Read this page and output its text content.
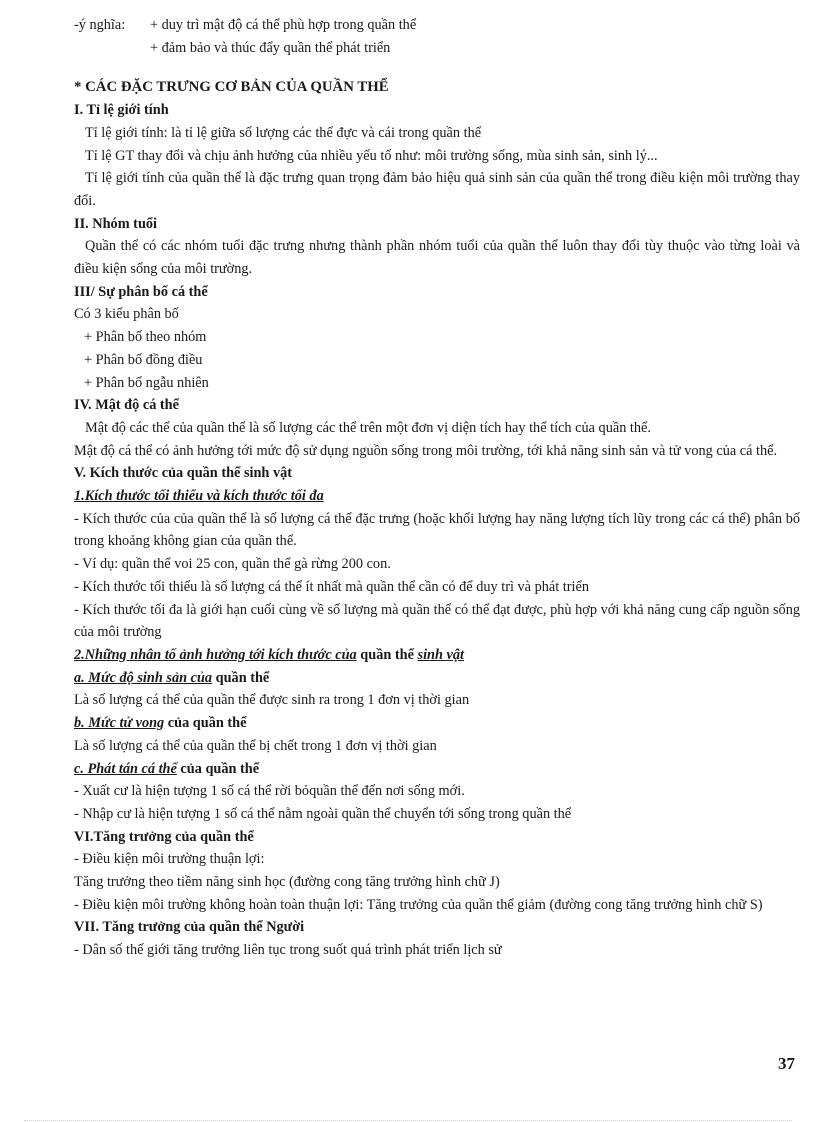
-ý nghĩa:	+ duy trì mật độ cá thể phù hợp trong quần thể
+ đảm bảo và thúc đẩy quần thể phát triển
* CÁC ĐẶC TRƯNG CƠ BẢN CỦA QUẦN THỂ
I. Tỉ lệ giới tính
Tỉ lệ giới tính: là tỉ lệ giữa số lượng các thể đực và cái trong quần thể
Tỉ lệ GT thay đổi và chịu ảnh hưởng của nhiều yếu tố như: môi trường sống, mùa sinh sản, sinh lý...
Tỉ lệ giới tính của quần thể là đặc trưng quan trọng đảm bảo hiệu quả sinh sản của quần thể trong điều kiện môi trường thay đổi.
II. Nhóm tuổi
Quần thể có các nhóm tuổi đặc trưng nhưng thành phần nhóm tuổi của quần thể luôn thay đổi tùy thuộc vào từng loài và điều kiện sống của môi trường.
III/ Sự phân bố cá thể
Có 3 kiểu phân bố
+ Phân bố theo nhóm
+ Phân bố đồng điều
+ Phân bố ngẫu nhiên
IV. Mật độ cá thể
Mật độ các thể của quần thể là số lượng các thể trên một đơn vị diện tích hay thể tích của quần thể.
Mật độ cá thể có ảnh hưởng tới mức độ sử dụng nguồn sống trong môi trường, tới khả năng sinh sản và tử vong của cá thể.
V. Kích thước của quần thể sinh vật
1.Kích thước tối thiểu và kích thước tối đa
- Kích thước của của quần thể là số lượng cá thể đặc trưng (hoặc khối lượng hay năng lượng tích lũy trong các cá thể) phân bố trong khoảng không gian của quần thể.
- Ví dụ: quần thể voi 25 con, quần thể gà rừng 200 con.
- Kích thước tối thiểu là số lượng cá thể ít nhất mà quần thể cần có để duy trì và phát triển
- Kích thước tối đa là giới hạn cuối cùng về số lượng mà quần thể có thể đạt được, phù hợp với khả năng cung cấp nguồn sống của môi trường
2.Những nhân tố ảnh hưởng tới kích thước của quần thể sinh vật
a. Mức độ sinh sản của quần thể
Là số lượng cá thể của quần thể được sinh ra trong 1 đơn vị thời gian
b. Mức tử vong của quần thể
Là số lượng cá thể của quần thể bị chết trong 1 đơn vị thời gian
c. Phát tán cá thể của quần thể
- Xuất cư là hiện tượng 1 số cá thể rời bỏquần thể đến nơi sống mới.
- Nhập cư là hiện tượng 1 số cá thể nằm ngoài quần thể chuyển tới sống trong quần thể
VI.Tăng trưởng của quần thể
- Điều kiện môi trường thuận lợi:
Tăng trưởng theo tiềm năng sinh học (đường cong tăng trưởng hình chữ J)
- Điều kiện môi trường không hoàn toàn thuận lợi: Tăng trưởng của quần thể giảm (đường cong tăng trưởng hình chữ S)
VII. Tăng trưởng của quần thể Người
- Dân số thế giới tăng trưởng liên tục trong suốt quá trình phát triển lịch sử
37
